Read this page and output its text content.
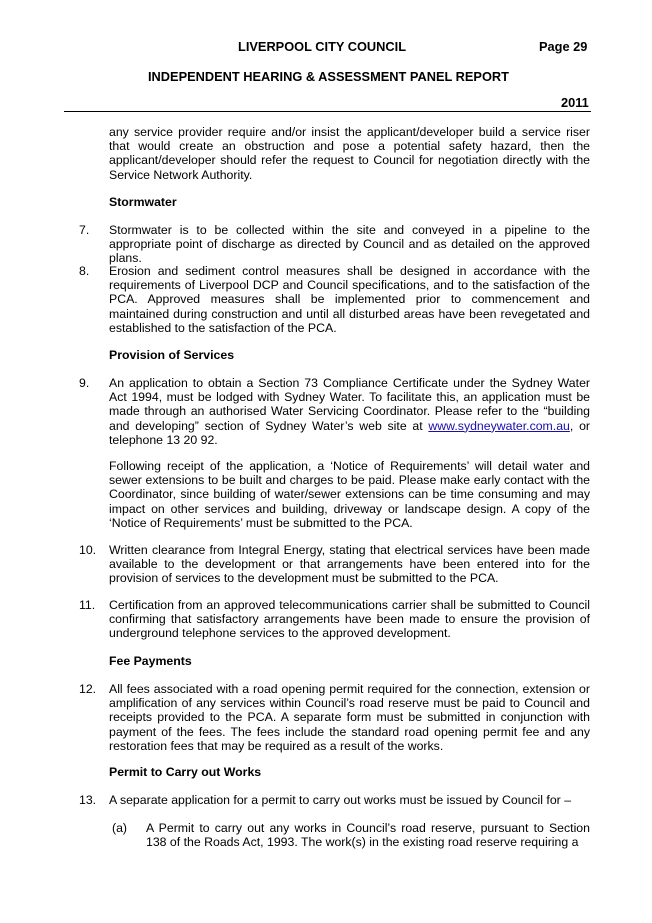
LIVERPOOL CITY COUNCIL	Page 29
INDEPENDENT HEARING & ASSESSMENT PANEL REPORT
2011

any service provider require and/or insist the applicant/developer build a service riser that would create an obstruction and pose a potential safety hazard, then the applicant/developer should refer the request to Council for negotiation directly with the Service Network Authority.

Stormwater
7. Stormwater is to be collected within the site and conveyed in a pipeline to the appropriate point of discharge as directed by Council and as detailed on the approved plans.

8. Erosion and sediment control measures shall be designed in accordance with the requirements of Liverpool DCP and Council specifications, and to the satisfaction of the PCA. Approved measures shall be implemented prior to commencement and maintained during construction and until all disturbed areas have been revegetated and established to the satisfaction of the PCA.

Provision of Services
9. An application to obtain a Section 73 Compliance Certificate under the Sydney Water Act 1994, must be lodged with Sydney Water. To facilitate this, an application must be made through an authorised Water Servicing Coordinator. Please refer to the “building and developing” section of Sydney Water’s web site at www.sydneywater.com.au, or telephone 13 20 92.

Following receipt of the application, a ‘Notice of Requirements’ will detail water and sewer extensions to be built and charges to be paid. Please make early contact with the Coordinator, since building of water/sewer extensions can be time consuming and may impact on other services and building, driveway or landscape design. A copy of the ‘Notice of Requirements’ must be submitted to the PCA.

10. Written clearance from Integral Energy, stating that electrical services have been made available to the development or that arrangements have been entered into for the provision of services to the development must be submitted to the PCA.

11. Certification from an approved telecommunications carrier shall be submitted to Council confirming that satisfactory arrangements have been made to ensure the provision of underground telephone services to the approved development.

Fee Payments
12. All fees associated with a road opening permit required for the connection, extension or amplification of any services within Council’s road reserve must be paid to Council and receipts provided to the PCA. A separate form must be submitted in conjunction with payment of the fees. The fees include the standard road opening permit fee and any restoration fees that may be required as a result of the works.

Permit to Carry out Works
13. A separate application for a permit to carry out works must be issued by Council for –

(a) A Permit to carry out any works in Council’s road reserve, pursuant to Section 138 of the Roads Act, 1993. The work(s) in the existing road reserve requiring a
